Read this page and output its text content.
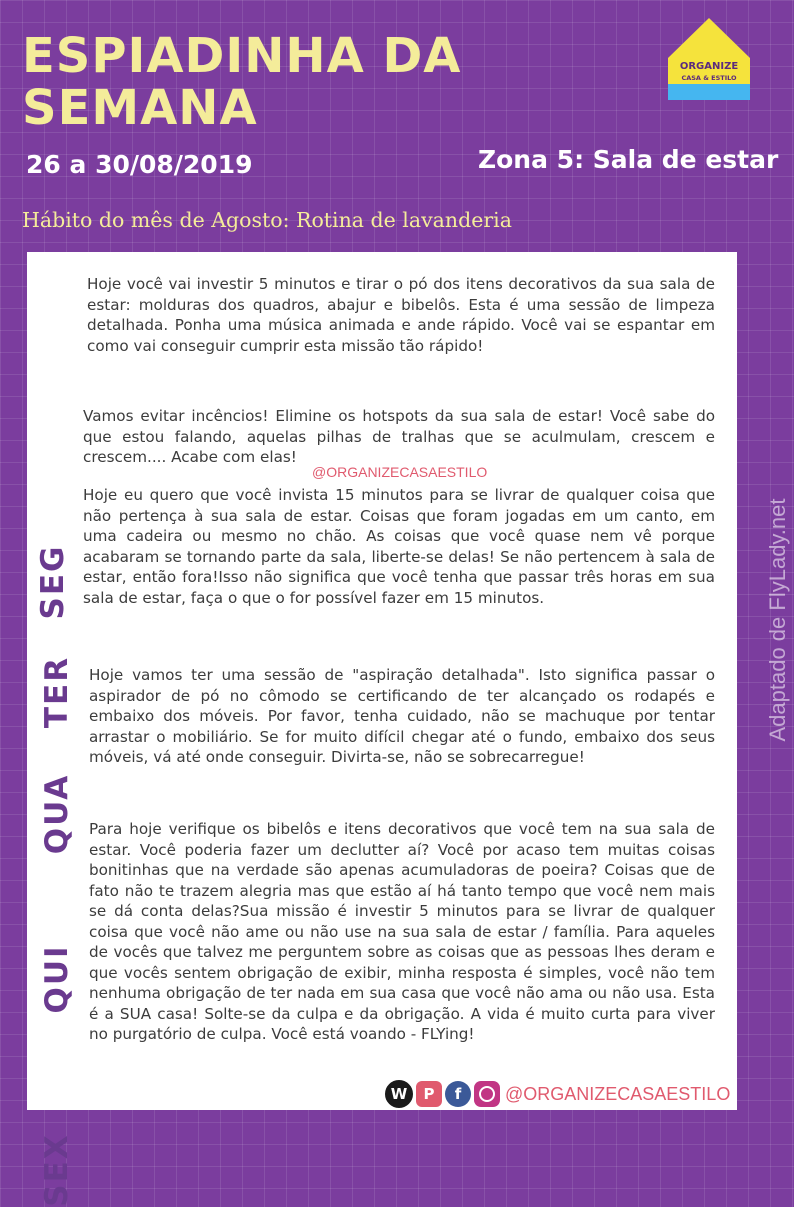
ESPIADINHA DA
SEMANA
26 a 30/08/2019	Zona 5: Sala de estar
Hábito do mês de Agosto: Rotina de lavanderia
ORGANIZE
CASA & ESTILO
Adaptado de FlyLady.net
SEG

Hoje você vai investir 5 minutos e tirar o pó dos itens decorativos da sua sala de estar: molduras dos quadros, abajur e bibelôs. Esta é uma sessão de limpeza detalhada. Ponha uma música animada e ande rápido. Você vai se espantar em como vai conseguir cumprir esta missão tão rápido!

TER

Vamos evitar incêncios! Elimine os hotspots da sua sala de estar! Você sabe do que estou falando, aquelas pilhas de tralhas que se aculmulam, crescem e crescem.... Acabe com elas!

@ORGANIZECASAESTILO
QUA

Hoje eu quero que você invista 15 minutos para se livrar de qualquer coisa que não pertença à sua sala de estar. Coisas que foram jogadas em um canto, em uma cadeira ou mesmo no chão. As coisas que você quase nem vê porque acabaram se tornando parte da sala, liberte-se delas! Se não pertencem à sala de estar, então fora!Isso não significa que você tenha que passar três horas em sua sala de estar, faça o que o for possível fazer em 15 minutos.

QUI

Hoje vamos ter uma sessão de "aspiração detalhada". Isto significa passar o aspirador de pó no cômodo se certificando de ter alcançado os rodapés e embaixo dos móveis. Por favor, tenha cuidado, não se machuque por tentar arrastar o mobiliário. Se for muito difícil chegar até o fundo, embaixo dos seus móveis, vá até onde conseguir. Divirta-se, não se sobrecarregue!

SEX

Para hoje verifique os bibelôs e itens decorativos que você tem na sua sala de estar. Você poderia fazer um declutter aí? Você por acaso tem muitas coisas bonitinhas que na verdade são apenas acumuladoras de poeira? Coisas que de fato não te trazem alegria mas que estão aí há tanto tempo que você nem mais se dá conta delas?Sua missão é investir 5 minutos para se livrar de qualquer coisa que você não ame ou não use na sua sala de estar / família. Para aqueles de vocês que talvez me perguntem sobre as coisas que as pessoas lhes deram e que vocês sentem obrigação de exibir, minha resposta é simples, você não tem nenhuma obrigação de ter nada em sua casa que você não ama ou não usa. Esta é a SUA casa! Solte-se da culpa e da obrigação. A vida é muito curta para viver no purgatório de culpa. Você está voando - FLYing!

W P f @ORGANIZECASAESTILO
